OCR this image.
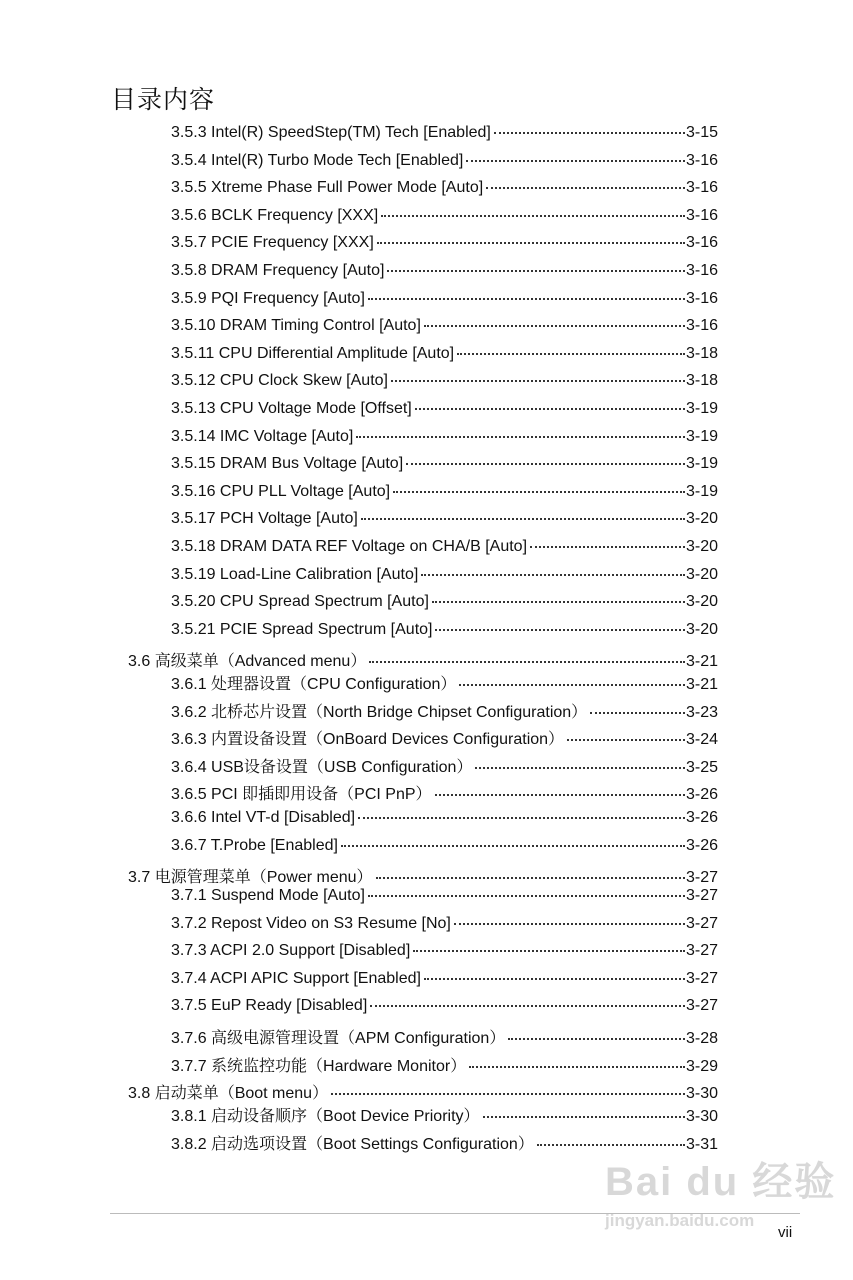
目录内容
3.5.3 Intel(R) SpeedStep(TM) Tech [Enabled]	3-15
3.5.4 Intel(R) Turbo Mode Tech [Enabled]	3-16
3.5.5 Xtreme Phase Full Power Mode [Auto]	3-16
3.5.6 BCLK Frequency [XXX]	3-16
3.5.7 PCIE Frequency [XXX]	3-16
3.5.8 DRAM Frequency [Auto]	3-16
3.5.9 PQI Frequency [Auto]	3-16
3.5.10 DRAM Timing Control [Auto]	3-16
3.5.11 CPU Differential Amplitude [Auto]	3-18
3.5.12 CPU Clock Skew [Auto]	3-18
3.5.13 CPU Voltage Mode [Offset]	3-19
3.5.14 IMC Voltage [Auto]	3-19
3.5.15 DRAM Bus Voltage [Auto]	3-19
3.5.16 CPU PLL Voltage [Auto]	3-19
3.5.17 PCH Voltage [Auto]	3-20
3.5.18 DRAM DATA REF Voltage on CHA/B [Auto]	3-20
3.5.19 Load-Line Calibration [Auto]	3-20
3.5.20 CPU Spread Spectrum [Auto]	3-20
3.5.21 PCIE Spread Spectrum [Auto]	3-20
3.6 高级菜单（Advanced menu）	3-21
3.6.1 处理器设置（CPU Configuration）	3-21
3.6.2 北桥芯片设置（North Bridge Chipset Configuration）	3-23
3.6.3 内置设备设置（OnBoard Devices Configuration）	3-24
3.6.4 USB设备设置（USB Configuration）	3-25
3.6.5 PCI 即插即用设备（PCI PnP）	3-26
3.6.6 Intel VT-d [Disabled]	3-26
3.6.7 T.Probe [Enabled]	3-26
3.7 电源管理菜单（Power menu）	3-27
3.7.1 Suspend Mode [Auto]	3-27
3.7.2 Repost Video on S3 Resume [No]	3-27
3.7.3 ACPI 2.0 Support [Disabled]	3-27
3.7.4 ACPI APIC Support [Enabled]	3-27
3.7.5 EuP Ready [Disabled]	3-27
3.7.6 高级电源管理设置（APM Configuration）	3-28
3.7.7 系统监控功能（Hardware Monitor）	3-29
3.8 启动菜单（Boot menu）	3-30
3.8.1 启动设备顺序（Boot Device Priority）	3-30
3.8.2 启动选项设置（Boot Settings Configuration）	3-31
Bai du 经验
jingyan.baidu.com
vii
